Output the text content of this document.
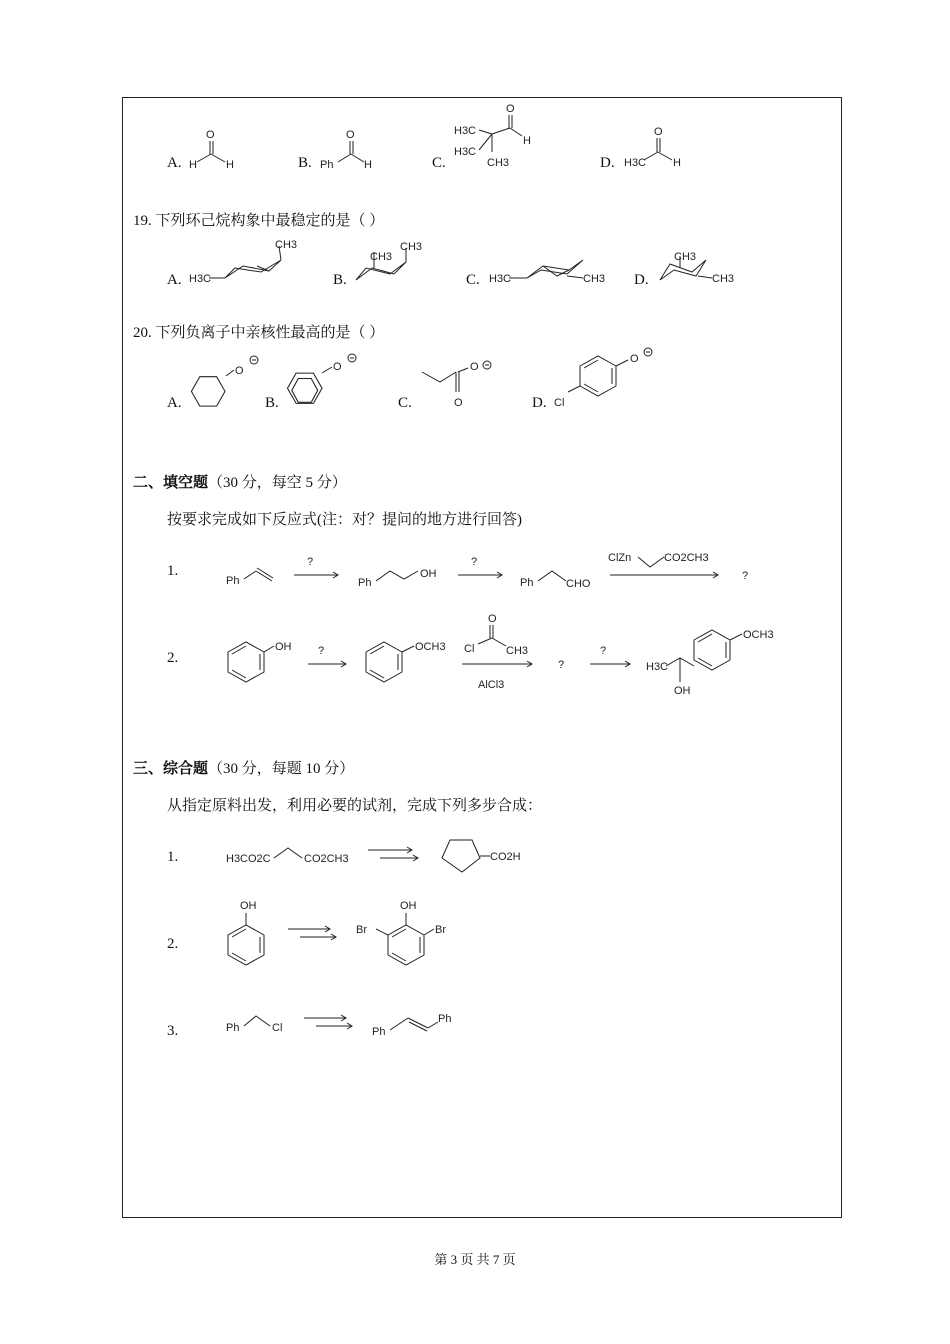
A.
O
H	H	B.
O
Ph	H	C.
O
H
H3C
H3C
CH3	D.
O
H3C H
19. 下列环己烷构象中最稳定的是（ ）
A. H3C
CH3
B.
CH3
CH3
C. H3C	CH3 D.
CH3
CH3
20. 下列负离子中亲核性最高的是（ ）
A.
O
B.
O
C.
O
O	D.
O
Cl
二、填空题（30 分，每空 5 分）
按要求完成如下反应式(注：对？提问的地方进行回答)
1.
Ph
?
Ph
OH
?
Ph	CHO
ClZn	CO2CH3
?
2.
OH ?	OCH3
O
Cl	CH3
AlCl3
?
?
H3C
OH
OCH3
三、综合题（30 分，每题 10 分）
从指定原料出发，利用必要的试剂，完成下列多步合成：
1.	H3CO2C	CO2CH3	CO2H
2.
OH	OH
Br	Br
3.	Ph	Cl	Ph
Ph
第 3 页 共 7 页
